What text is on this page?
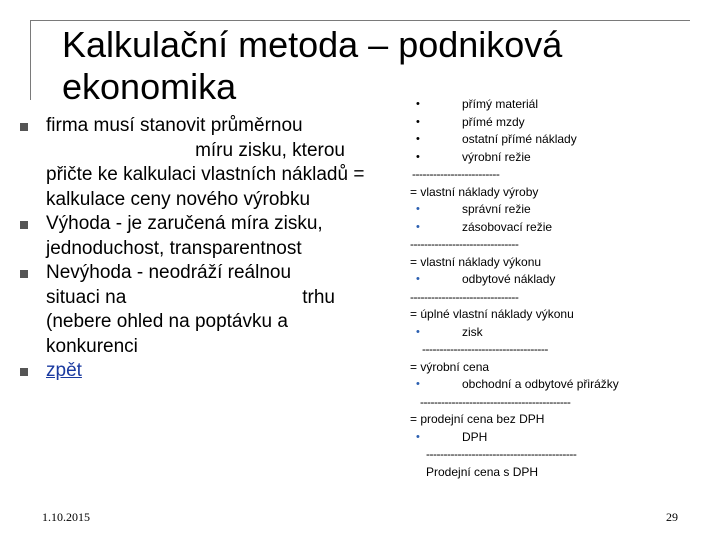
Kalkulační metoda – podniková ekonomika
firma musí stanovit průměrnou
míru zisku, kterou
přičte ke kalkulaci vlastních nákladů = kalkulace ceny nového výrobku
Výhoda - je zaručená míra zisku, jednoduchost, transparentnost
Nevýhoda - neodráží reálnou
situaci na	trhu
(nebere ohled na poptávku a konkurenci
zpět
•	přímý materiál
•	přímé mzdy
•	ostatní přímé náklady
•	výrobní režie
-------------------------
= vlastní náklady výroby
•	správní režie
•	zásobovací režie
-------------------------------
= vlastní náklady výkonu
•	odbytové náklady
-------------------------------
= úplné vlastní náklady výkonu
•	zisk
------------------------------------
= výrobní cena
•	obchodní a odbytové přirážky
-------------------------------------------
= prodejní cena bez DPH
•	DPH
-------------------------------------------
Prodejní cena s DPH
1.10.2015	29
